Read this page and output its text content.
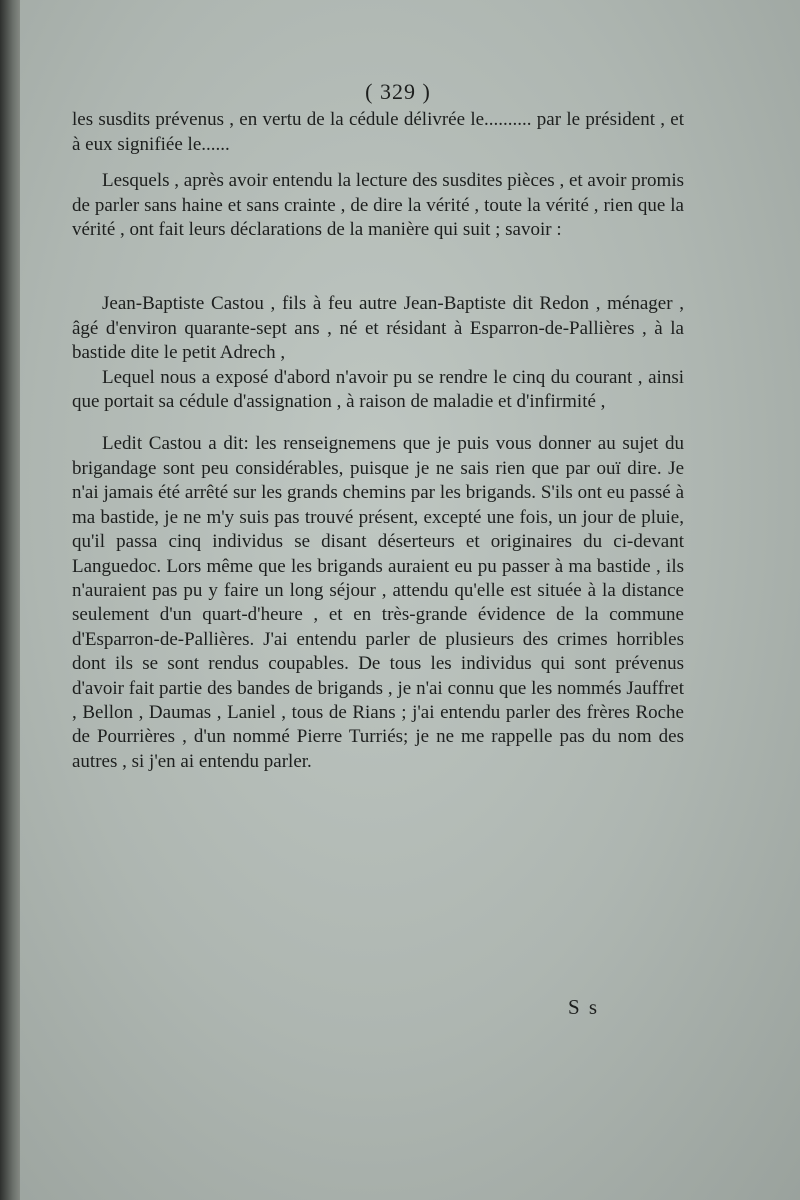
( 329 )

les susdits prévenus , en vertu de la cédule délivrée le.......... par le président , et à eux signifiée le......

Lesquels , après avoir entendu la lecture des susdites pièces , et avoir promis de parler sans haine et sans crainte , de dire la vérité , toute la vérité , rien que la vérité , ont fait leurs déclarations de la manière qui suit ; savoir :

Jean-Baptiste Castou , fils à feu autre Jean-Baptiste dit Redon , ménager , âgé d'environ quarante-sept ans , né et résidant à Esparron-de-Pallières , à la bastide dite le petit Adrech ,

Lequel nous a exposé d'abord n'avoir pu se rendre le cinq du courant , ainsi que portait sa cédule d'assignation , à raison de maladie et d'infirmité ,

Ledit Castou a dit: les renseignemens que je puis vous donner au sujet du brigandage sont peu considérables, puisque je ne sais rien que par ouï dire. Je n'ai jamais été arrêté sur les grands chemins par les brigands. S'ils ont eu passé à ma bastide, je ne m'y suis pas trouvé présent, excepté une fois, un jour de pluie, qu'il passa cinq individus se disant déserteurs et originaires du ci-devant Languedoc. Lors même que les brigands auraient eu pu passer à ma bastide , ils n'auraient pas pu y faire un long séjour , attendu qu'elle est située à la distance seulement d'un quart-d'heure , et en très-grande évidence de la commune d'Esparron-de-Pallières. J'ai entendu parler de plusieurs des crimes horribles dont ils se sont rendus coupables. De tous les individus qui sont prévenus d'avoir fait partie des bandes de brigands , je n'ai connu que les nommés Jauffret , Bellon , Daumas , Laniel , tous de Rians ; j'ai entendu parler des frères Roche de Pourrières , d'un nommé Pierre Turriés; je ne me rappelle pas du nom des autres , si j'en ai entendu parler.

S s
